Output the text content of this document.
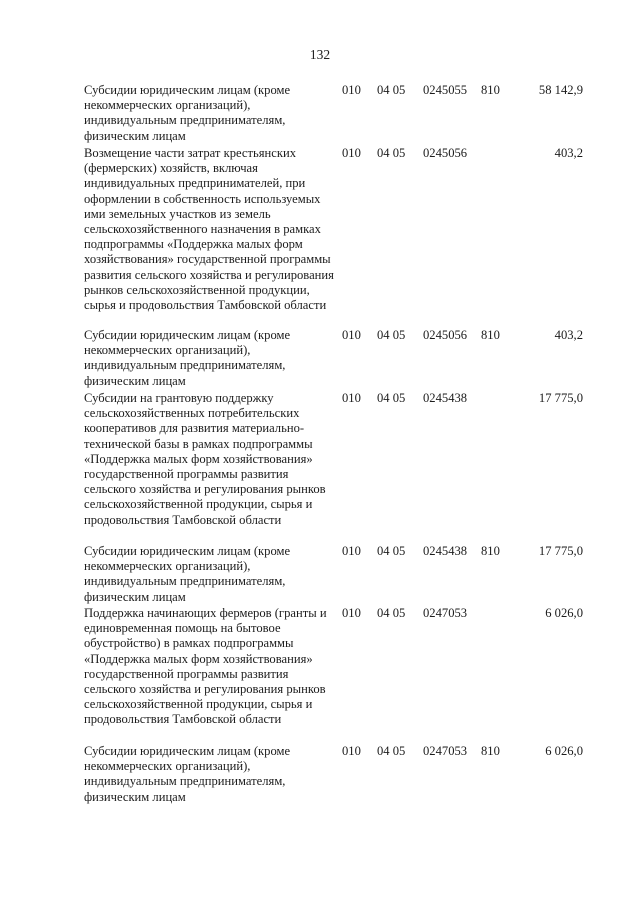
132
Субсидии юридическим лицам (кроме некоммерческих организаций), индивидуальным предпринимателям, физическим лицам
010 04 05 0245055 810	58 142,9
Возмещение части затрат крестьянских (фермерских) хозяйств, включая индивидуальных предпринимателей, при оформлении в собственность используемых ими земельных участков из земель сельскохозяйственного назначения в рамках подпрограммы «Поддержка малых форм хозяйствования» государственной программы развития сельского хозяйства и регулирования рынков сельскохозяйственной продукции, сырья и продовольствия Тамбовской области
010 04 05 0245056	403,2
Субсидии юридическим лицам (кроме некоммерческих организаций), индивидуальным предпринимателям, физическим лицам
010 04 05 0245056 810	403,2
Субсидии на грантовую поддержку сельскохозяйственных потребительских кооперативов для развития материально-технической базы в рамках подпрограммы «Поддержка малых форм хозяйствования» государственной программы развития сельского хозяйства и регулирования рынков сельскохозяйственной продукции, сырья и продовольствия Тамбовской области
010 04 05 0245438	17 775,0
Субсидии юридическим лицам (кроме некоммерческих организаций), индивидуальным предпринимателям, физическим лицам
010 04 05 0245438 810	17 775,0
Поддержка начинающих фермеров (гранты и единовременная помощь на бытовое обустройство) в рамках подпрограммы «Поддержка малых форм хозяйствования» государственной программы развития сельского хозяйства и регулирования рынков сельскохозяйственной продукции, сырья и продовольствия Тамбовской области
010 04 05 0247053	6 026,0
Субсидии юридическим лицам (кроме некоммерческих организаций), индивидуальным предпринимателям, физическим лицам
010 04 05 0247053 810	6 026,0
